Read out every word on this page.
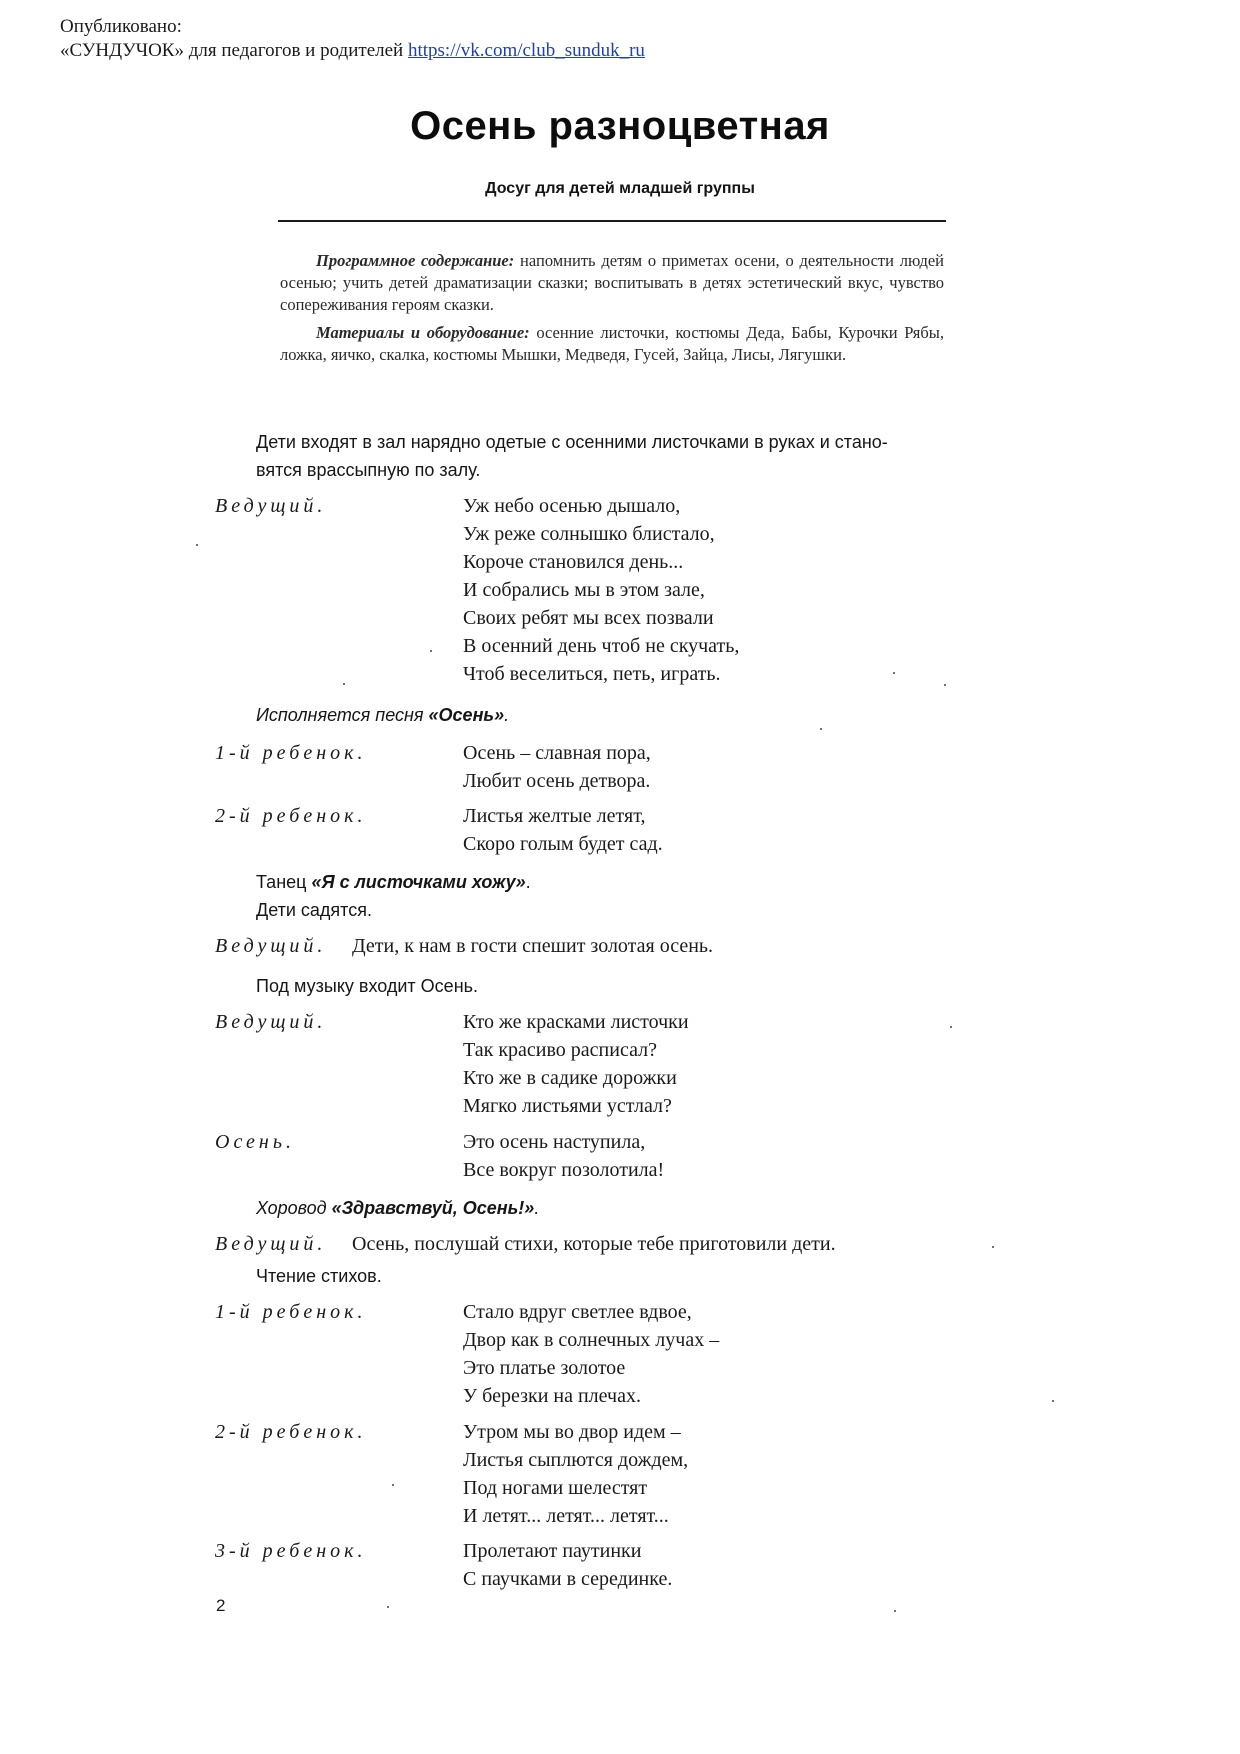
Опубликовано:
«СУНДУЧОК» для педагогов и родителей https://vk.com/club_sunduk_ru
Осень разноцветная
Досуг для детей младшей группы

Программное содержание: напомнить детям о приметах осени, о деятельности людей осенью; учить детей драматизации сказки; воспитывать в детях эстетический вкус, чувство сопереживания героям сказки.

Материалы и оборудование: осенние листочки, костюмы Деда, Бабы, Курочки Рябы, ложка, яичко, скалка, костюмы Мышки, Медведя, Гусей, Зайца, Лисы, Лягушки.

Дети входят в зал нарядно одетые с осенними листочками в руках и стано-
вятся врассыпную по залу.
Ведущий.	Уж небо осенью дышало,
Уж реже солнышко блистало,
Короче становился день...
И собрались мы в этом зале,
Своих ребят мы всех позвали
В осенний день чтоб не скучать,
Чтоб веселиться, петь, играть.
Исполняется песня «Осень».
1-й ребенок.	Осень – славная пора,
Любит осень детвора.
2-й ребенок.	Листья желтые летят,
Скоро голым будет сад.
Танец «Я с листочками хожу».
Дети садятся.
Ведущий. Дети, к нам в гости спешит золотая осень.
Под музыку входит Осень.
Ведущий.	Кто же красками листочки
Так красиво расписал?
Кто же в садике дорожки
Мягко листьями устлал?
Осень.	Это осень наступила,
Все вокруг позолотила!
Хоровод «Здравствуй, Осень!».
Ведущий. Осень, послушай стихи, которые тебе приготовили дети.
Чтение стихов.
1-й ребенок.	Стало вдруг светлее вдвое,
Двор как в солнечных лучах –
Это платье золотое
У березки на плечах.
2-й ребенок.	Утром мы во двор идем –
Листья сыплются дождем,
Под ногами шелестят
И летят... летят... летят...
3-й ребенок.	Пролетают паутинки
С паучками в серединке.
2
